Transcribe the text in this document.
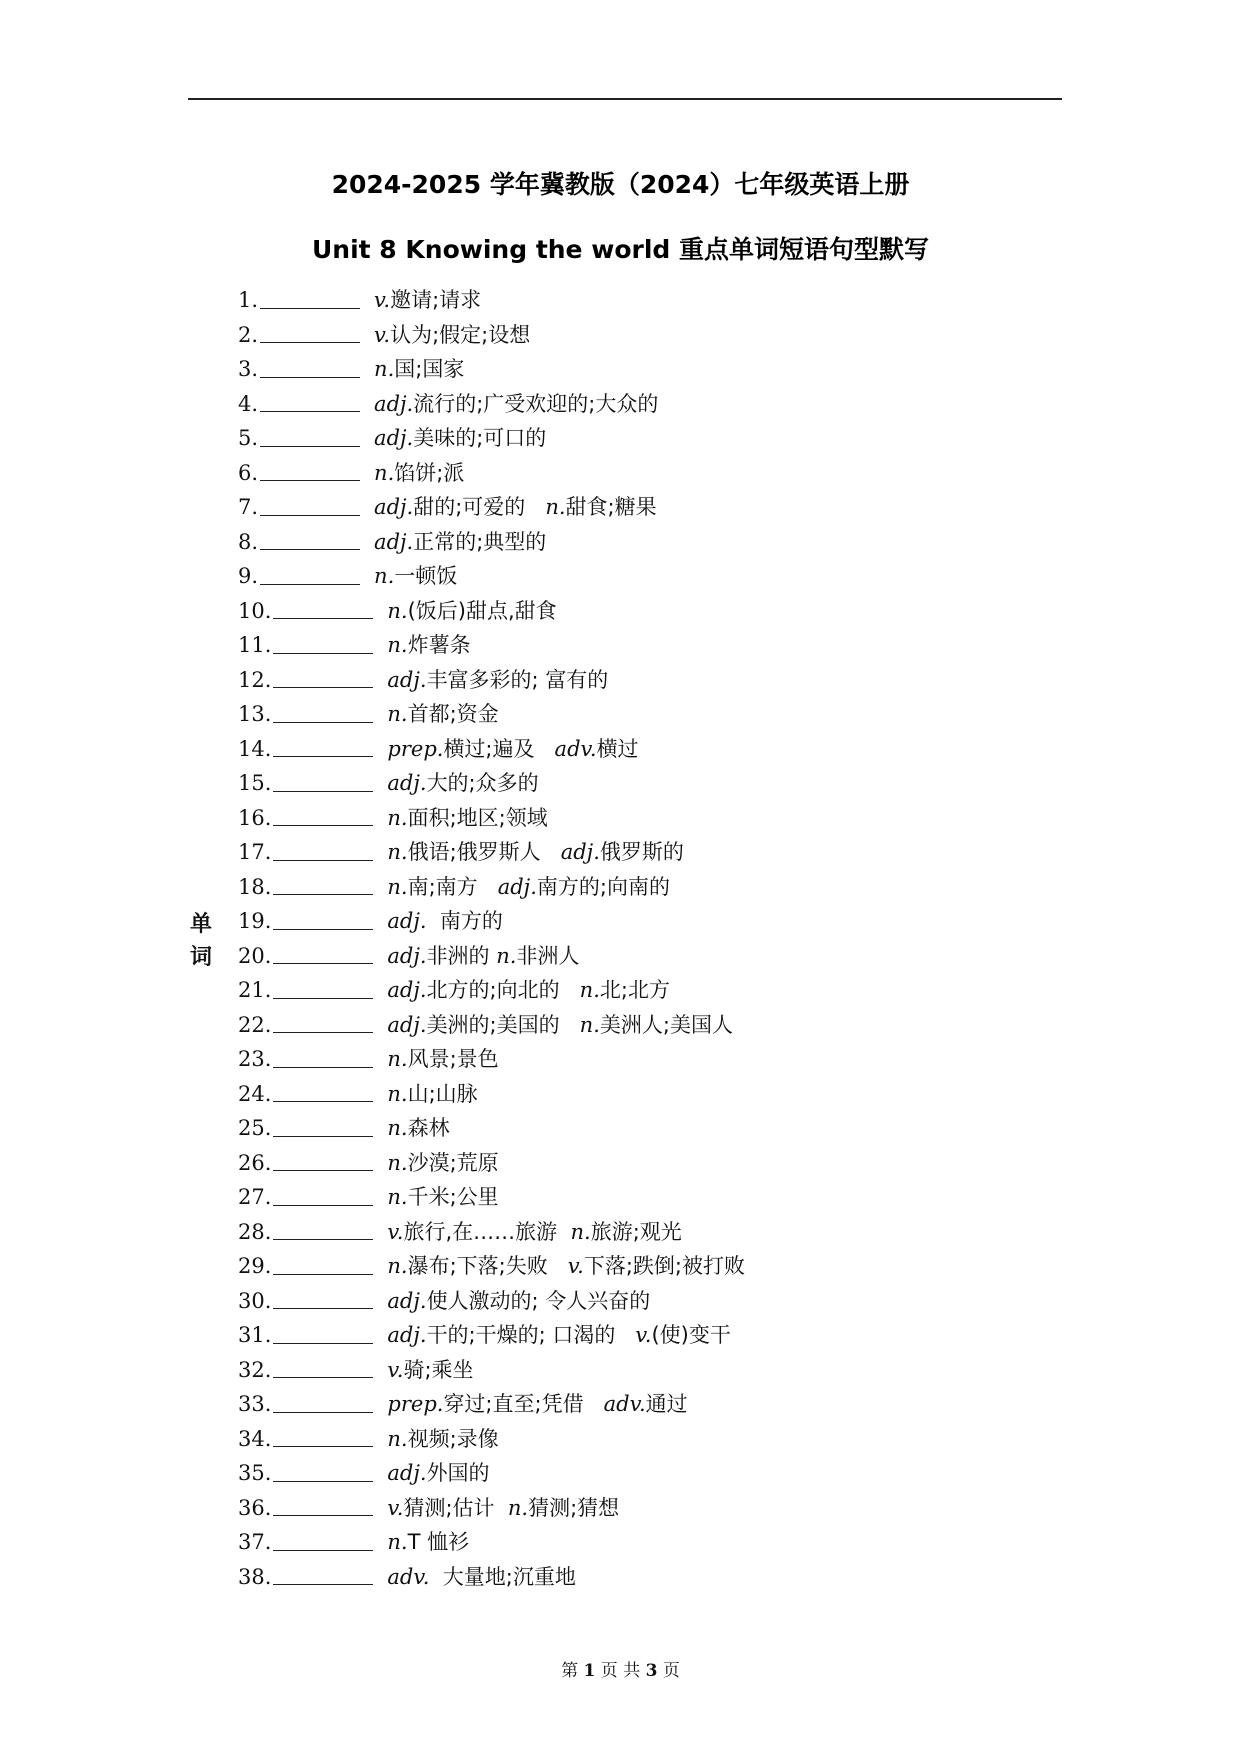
2024-2025 学年冀教版（2024）七年级英语上册
Unit 8 Knowing the world 重点单词短语句型默写
单
词
1.	v.邀请;请求
2.	v.认为;假定;设想
3.	n.国;国家
4.	adj.流行的;广受欢迎的;大众的
5.	adj.美味的;可口的
6.	n.馅饼;派
7.	adj.甜的;可爱的   n.甜食;糖果
8.	adj.正常的;典型的
9.	n.一顿饭
10.	n.(饭后)甜点,甜食
11.	n.炸薯条
12.	adj.丰富多彩的; 富有的
13.	n.首都;资金
14.	prep.横过;遍及   adv.横过
15.	adj.大的;众多的
16.	n.面积;地区;领域
17.	n.俄语;俄罗斯人   adj.俄罗斯的
18.	n.南;南方   adj.南方的;向南的
19.	adj.  南方的
20.	adj.非洲的 n.非洲人
21.	adj.北方的;向北的   n.北;北方
22.	adj.美洲的;美国的   n.美洲人;美国人
23.	n.风景;景色
24.	n.山;山脉
25.	n.森林
26.	n.沙漠;荒原
27.	n.千米;公里
28.	v.旅行,在……旅游  n.旅游;观光
29.	n.瀑布;下落;失败   v.下落;跌倒;被打败
30.	adj.使人激动的; 令人兴奋的
31.	adj.干的;干燥的; 口渴的   v.(使)变干
32.	v.骑;乘坐
33.	prep.穿过;直至;凭借   adv.通过
34.	n.视频;录像
35.	adj.外国的
36.	v.猜测;估计  n.猜测;猜想
37.	n.T 恤衫
38.	adv.  大量地;沉重地
第 1 页 共 3 页
